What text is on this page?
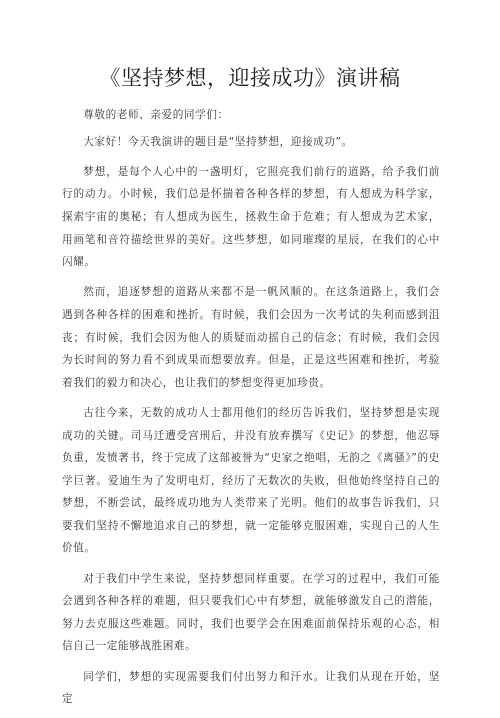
《坚持梦想，迎接成功》演讲稿

尊敬的老师、亲爱的同学们：

大家好！今天我演讲的题目是“坚持梦想，迎接成功”。

梦想，是每个人心中的一盏明灯，它照亮我们前行的道路，给予我们前行的动力。小时候，我们总是怀揣着各种各样的梦想，有人想成为科学家，探索宇宙的奥秘；有人想成为医生，拯救生命于危难；有人想成为艺术家，用画笔和音符描绘世界的美好。这些梦想，如同璀璨的星辰，在我们的心中闪耀。

然而，追逐梦想的道路从来都不是一帆风顺的。在这条道路上，我们会遇到各种各样的困难和挫折。有时候，我们会因为一次考试的失利而感到沮丧；有时候，我们会因为他人的质疑而动摇自己的信念；有时候，我们会因为长时间的努力看不到成果而想要放弃。但是，正是这些困难和挫折，考验着我们的毅力和决心，也让我们的梦想变得更加珍贵。

古往今来，无数的成功人士都用他们的经历告诉我们，坚持梦想是实现成功的关键。司马迁遭受宫刑后，并没有放弃撰写《史记》的梦想，他忍辱负重，发愤著书，终于完成了这部被誉为“史家之绝唱，无韵之《离骚》”的史学巨著。爱迪生为了发明电灯，经历了无数次的失败，但他始终坚持自己的梦想，不断尝试，最终成功地为人类带来了光明。他们的故事告诉我们，只要我们坚持不懈地追求自己的梦想，就一定能够克服困难，实现自己的人生价值。

对于我们中学生来说，坚持梦想同样重要。在学习的过程中，我们可能会遇到各种各样的难题，但只要我们心中有梦想，就能够激发自己的潜能，努力去克服这些难题。同时，我们也要学会在困难面前保持乐观的心态，相信自己一定能够战胜困难。

同学们，梦想的实现需要我们付出努力和汗水。让我们从现在开始，坚定
